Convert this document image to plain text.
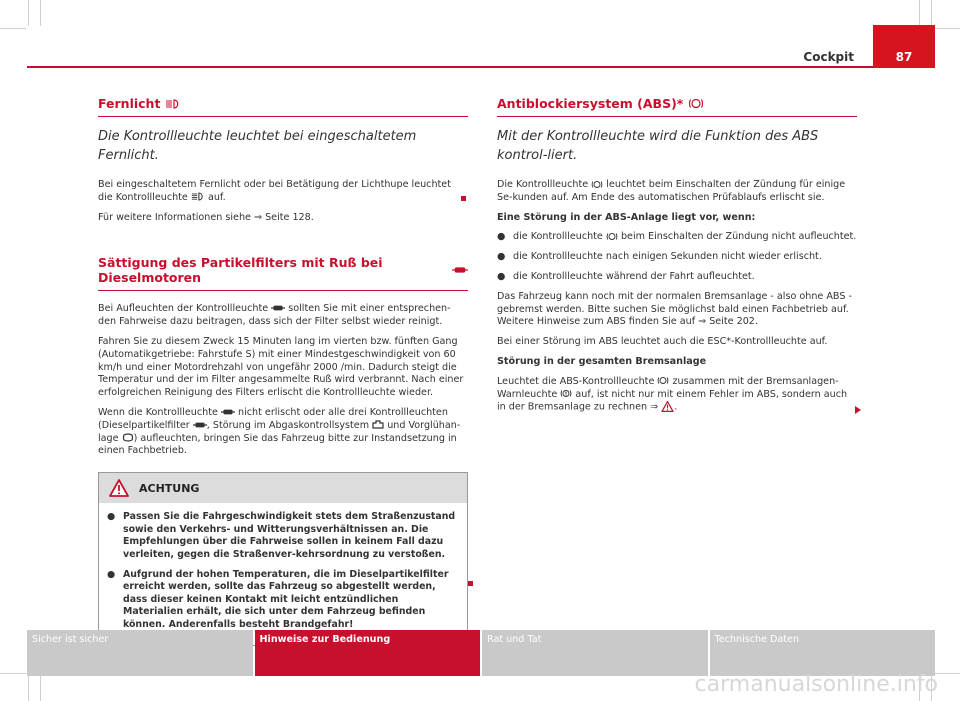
Cockpit	87
Fernlicht
Die Kontrollleuchte leuchtet bei eingeschaltetem Fernlicht.

Bei eingeschaltetem Fernlicht oder bei Betätigung der Lichthupe leuchtet die Kontrollleuchte auf.

Für weitere Informationen siehe ⇒ Seite 128.

Sättigung des Partikelfilters mit Ruß bei Dieselmotoren

Bei Aufleuchten der Kontrollleuchte sollten Sie mit einer entsprechen-den Fahrweise dazu beitragen, dass sich der Filter selbst wieder reinigt.

Fahren Sie zu diesem Zweck 15 Minuten lang im vierten bzw. fünften Gang (Automatikgetriebe: Fahrstufe S) mit einer Mindestgeschwindigkeit von 60 km/h und einer Motordrehzahl von ungefähr 2000 /min. Dadurch steigt die Temperatur und der im Filter angesammelte Ruß wird verbrannt. Nach einer erfolgreichen Reinigung des Filters erlischt die Kontrollleuchte wieder.

Wenn die Kontrollleuchte nicht erlischt oder alle drei Kontrollleuchten (Dieselpartikelfilter , Störung im Abgaskontrollsystem und Vorglühan-lage ) aufleuchten, bringen Sie das Fahrzeug bitte zur Instandsetzung in einen Fachbetrieb.

ACHTUNG
● Passen Sie die Fahrgeschwindigkeit stets dem Straßenzustand sowie den Verkehrs- und Witterungsverhältnissen an. Die Empfehlungen über die Fahrweise sollen in keinem Fall dazu verleiten, gegen die Straßenver-kehrsordnung zu verstoßen.
● Aufgrund der hohen Temperaturen, die im Dieselpartikelfilter erreicht werden, sollte das Fahrzeug so abgestellt werden, dass dieser keinen Kontakt mit leicht entzündlichen Materialien erhält, die sich unter dem Fahrzeug befinden können. Anderenfalls besteht Brandgefahr!
Antiblockiersystem (ABS)*
Mit der Kontrollleuchte wird die Funktion des ABS kontrol-liert.

Die Kontrollleuchte leuchtet beim Einschalten der Zündung für einige Se-kunden auf. Am Ende des automatischen Prüfablaufs erlischt sie.

Eine Störung in der ABS-Anlage liegt vor, wenn:

● die Kontrollleuchte beim Einschalten der Zündung nicht aufleuchtet.
● die Kontrollleuchte nach einigen Sekunden nicht wieder erlischt.
● die Kontrollleuchte während der Fahrt aufleuchtet.

Das Fahrzeug kann noch mit der normalen Bremsanlage - also ohne ABS - gebremst werden. Bitte suchen Sie möglichst bald einen Fachbetrieb auf. Weitere Hinweise zum ABS finden Sie auf ⇒ Seite 202.

Bei einer Störung im ABS leuchtet auch die ESC*-Kontrollleuchte auf.

Störung in der gesamten Bremsanlage

Leuchtet die ABS-Kontrollleuchte zusammen mit der Bremsanlagen-Warnleuchte auf, ist nicht nur mit einem Fehler im ABS, sondern auch in der Bremsanlage zu rechnen ⇒ .

Sicher ist sicher	Hinweise zur Bedienung	Rat und Tat	Technische Daten
carmanualsonline.info
